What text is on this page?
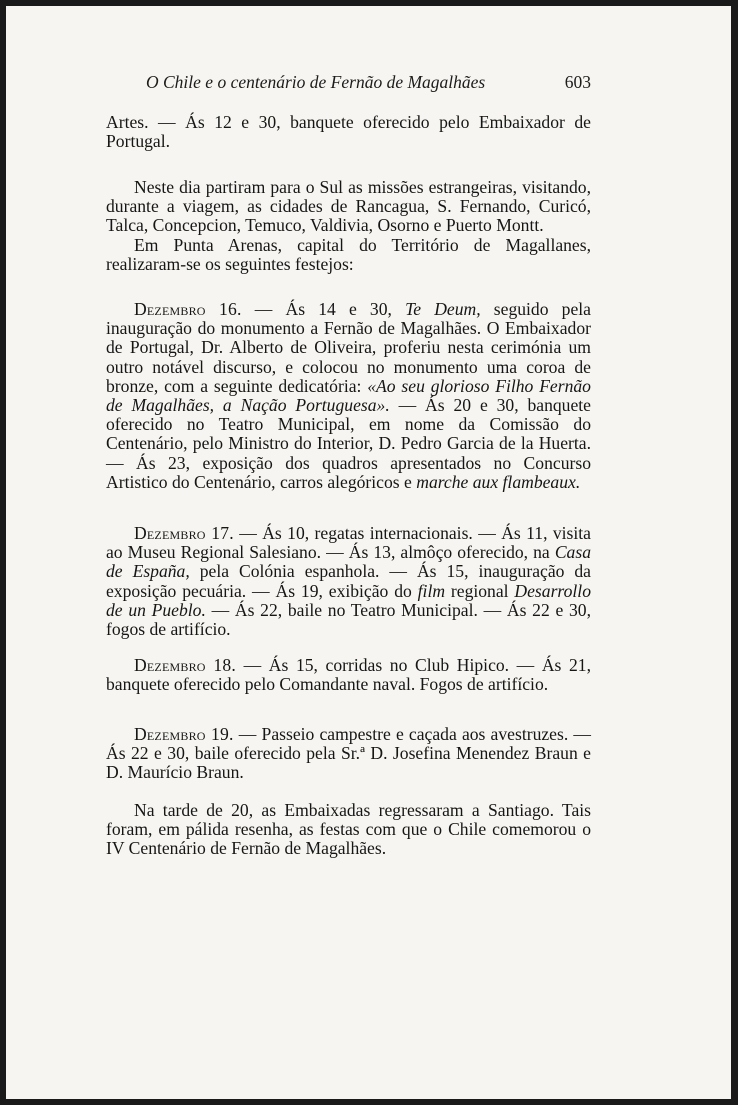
O Chile e o centenário de Fernão de Magalhães	603

Artes. — Ás 12 e 30, banquete oferecido pelo Embaixador de Portugal.

Neste dia partiram para o Sul as missões estrangeiras, visitando, durante a viagem, as cidades de Rancagua, S. Fernando, Curicó, Talca, Concepcion, Temuco, Valdivia, Osorno e Puerto Montt.

Em Punta Arenas, capital do Território de Magallanes, realizaram-se os seguintes festejos:

Dezembro 16. — Ás 14 e 30, Te Deum, seguido pela inauguração do monumento a Fernão de Magalhães. O Embaixador de Portugal, Dr. Alberto de Oliveira, proferiu nesta cerimónia um outro notável discurso, e colocou no monumento uma coroa de bronze, com a seguinte dedicatória: «Ao seu glorioso Filho Fernão de Magalhães, a Nação Portuguesa». — Ás 20 e 30, banquete oferecido no Teatro Municipal, em nome da Comissão do Centenário, pelo Ministro do Interior, D. Pedro Garcia de la Huerta. — Ás 23, exposição dos quadros apresentados no Concurso Artistico do Centenário, carros alegóricos e marche aux flambeaux.

Dezembro 17. — Ás 10, regatas internacionais. — Ás 11, visita ao Museu Regional Salesiano. — Ás 13, almôço oferecido, na Casa de España, pela Colónia espanhola. — Ás 15, inauguração da exposição pecuária. — Ás 19, exibição do film regional Desarrollo de un Pueblo. — Ás 22, baile no Teatro Municipal. — Ás 22 e 30, fogos de artifício.

Dezembro 18. — Ás 15, corridas no Club Hipico. — Ás 21, banquete oferecido pelo Comandante naval. Fogos de artifício.

Dezembro 19. — Passeio campestre e caçada aos avestruzes. — Ás 22 e 30, baile oferecido pela Sr.ª D. Josefina Menendez Braun e D. Maurício Braun.

Na tarde de 20, as Embaixadas regressaram a Santiago. Tais foram, em pálida resenha, as festas com que o Chile comemorou o IV Centenário de Fernão de Magalhães.
